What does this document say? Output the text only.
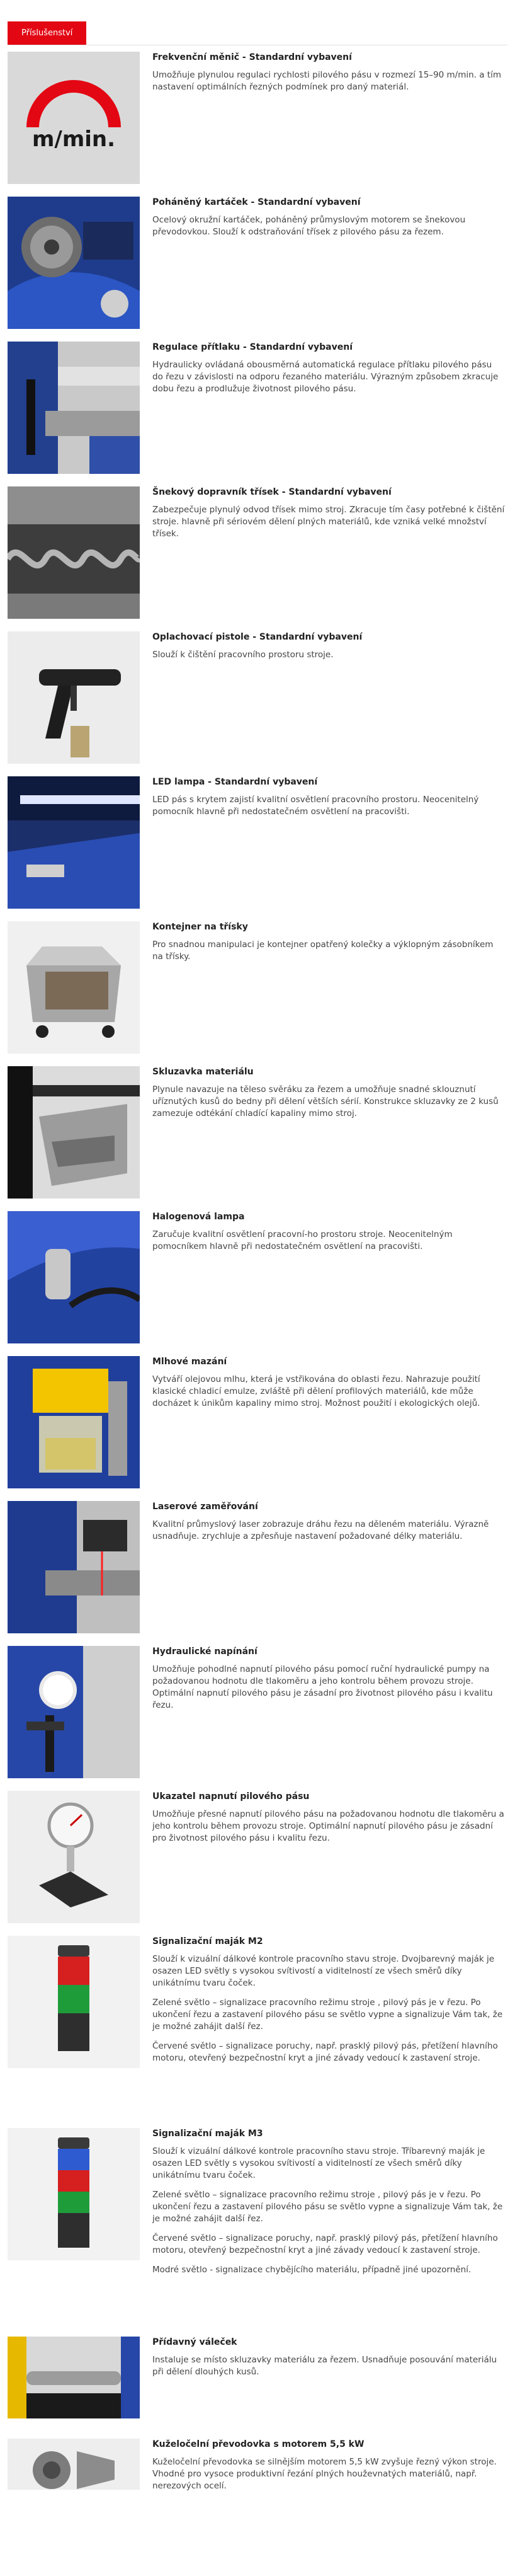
Příslušenství
m/min.
Frekvenční měnič - Standardní vybavení
Umožňuje plynulou regulaci rychlosti pilového pásu v rozmezí 15–90 m/min. a tím nastavení optimálních řezných podmínek pro daný materiál.
Poháněný kartáček - Standardní vybavení
Ocelový okružní kartáček, poháněný průmyslovým motorem se šnekovou převodovkou. Slouží k odstraňování třísek z pilového pásu za řezem.
Regulace přítlaku - Standardní vybavení
Hydraulicky ovládaná obousměrná automatická regulace přítlaku pilového pásu do řezu v závislosti na odporu řezaného materiálu. Výrazným způsobem zkracuje dobu řezu a prodlužuje životnost pilového pásu.
Šnekový dopravník třísek - Standardní vybavení
Zabezpečuje plynulý odvod třísek mimo stroj. Zkracuje tím časy potřebné k čištění stroje. hlavně při sériovém dělení plných materiálů, kde vzniká velké množství třísek.
Oplachovací pistole - Standardní vybavení
Slouží k čištění pracovního prostoru stroje.
LED lampa - Standardní vybavení
LED pás s krytem zajistí kvalitní osvětlení pracovního prostoru. Neocenitelný pomocník hlavně při nedostatečném osvětlení na pracovišti.
Kontejner na třísky
Pro snadnou manipulaci je kontejner opatřený kolečky a výklopným zásobníkem na třísky.
Skluzavka materiálu
Plynule navazuje na těleso svěráku za řezem a umožňuje snadné sklouznutí uříznutých kusů do bedny při dělení větších sérií. Konstrukce skluzavky ze 2 kusů zamezuje odtékání chladící kapaliny mimo stroj.
Halogenová lampa
Zaručuje kvalitní osvětlení pracovní-ho prostoru stroje. Neocenitelným pomocníkem hlavně při nedostatečném osvětlení na pracovišti.
Mlhové mazání
Vytváří olejovou mlhu, která je vstřikována do oblasti řezu. Nahrazuje použití klasické chladicí emulze, zvláště při dělení profilových materiálů, kde může docházet k únikům kapaliny mimo stroj. Možnost použití i ekologických olejů.
Laserové zaměřování
Kvalitní průmyslový laser zobrazuje dráhu řezu na děleném materiálu. Výrazně usnadňuje. zrychluje a zpřesňuje nastavení požadované délky materiálu.
Hydraulické napínání
Umožňuje pohodlné napnutí pilového pásu pomocí ruční hydraulické pumpy na požadovanou hodnotu dle tlakoměru a jeho kontrolu během provozu stroje. Optimální napnutí pilového pásu je zásadní pro životnost pilového pásu i kvalitu řezu.
Ukazatel napnutí pilového pásu
Umožňuje přesné napnutí pilového pásu na požadovanou hodnotu dle tlakoměru a jeho kontrolu během provozu stroje. Optimální napnutí pilového pásu je zásadní pro životnost pilového pásu i kvalitu řezu.
Signalizační maják M2
Slouží k vizuální dálkové kontrole pracovního stavu stroje. Dvojbarevný maják je osazen LED světly s vysokou svítivostí a viditelností ze všech směrů díky unikátnímu tvaru čoček.
Zelené světlo – signalizace pracovního režimu stroje , pilový pás je v řezu. Po ukončení řezu a zastavení pilového pásu se světlo vypne a signalizuje Vám tak, že je možné zahájit další řez.
Červené světlo – signalizace poruchy, např. prasklý pilový pás, přetížení hlavního motoru, otevřený bezpečnostní kryt a jiné závady vedoucí k zastavení stroje.
Signalizační maják M3
Slouží k vizuální dálkové kontrole pracovního stavu stroje. Tříbarevný maják je osazen LED světly s vysokou svítivostí a viditelností ze všech směrů díky unikátnímu tvaru čoček.
Zelené světlo – signalizace pracovního režimu stroje , pilový pás je v řezu. Po ukončení řezu a zastavení pilového pásu se světlo vypne a signalizuje Vám tak, že je možné zahájit další řez.
Červené světlo – signalizace poruchy, např. prasklý pilový pás, přetížení hlavního motoru, otevřený bezpečnostní kryt a jiné závady vedoucí k zastavení stroje.
Modré světlo - signalizace chybějícího materiálu, případně jiné upozornění.
Přídavný váleček
Instaluje se místo skluzavky materiálu za řezem. Usnadňuje posouvání materiálu při dělení dlouhých kusů.
Kuželočelní převodovka s motorem 5,5 kW
Kuželočelní převodovka se silnějším motorem 5,5 kW zvyšuje řezný výkon stroje. Vhodné pro vysoce produktivní řezání plných houževnatých materiálů, např. nerezových ocelí.
